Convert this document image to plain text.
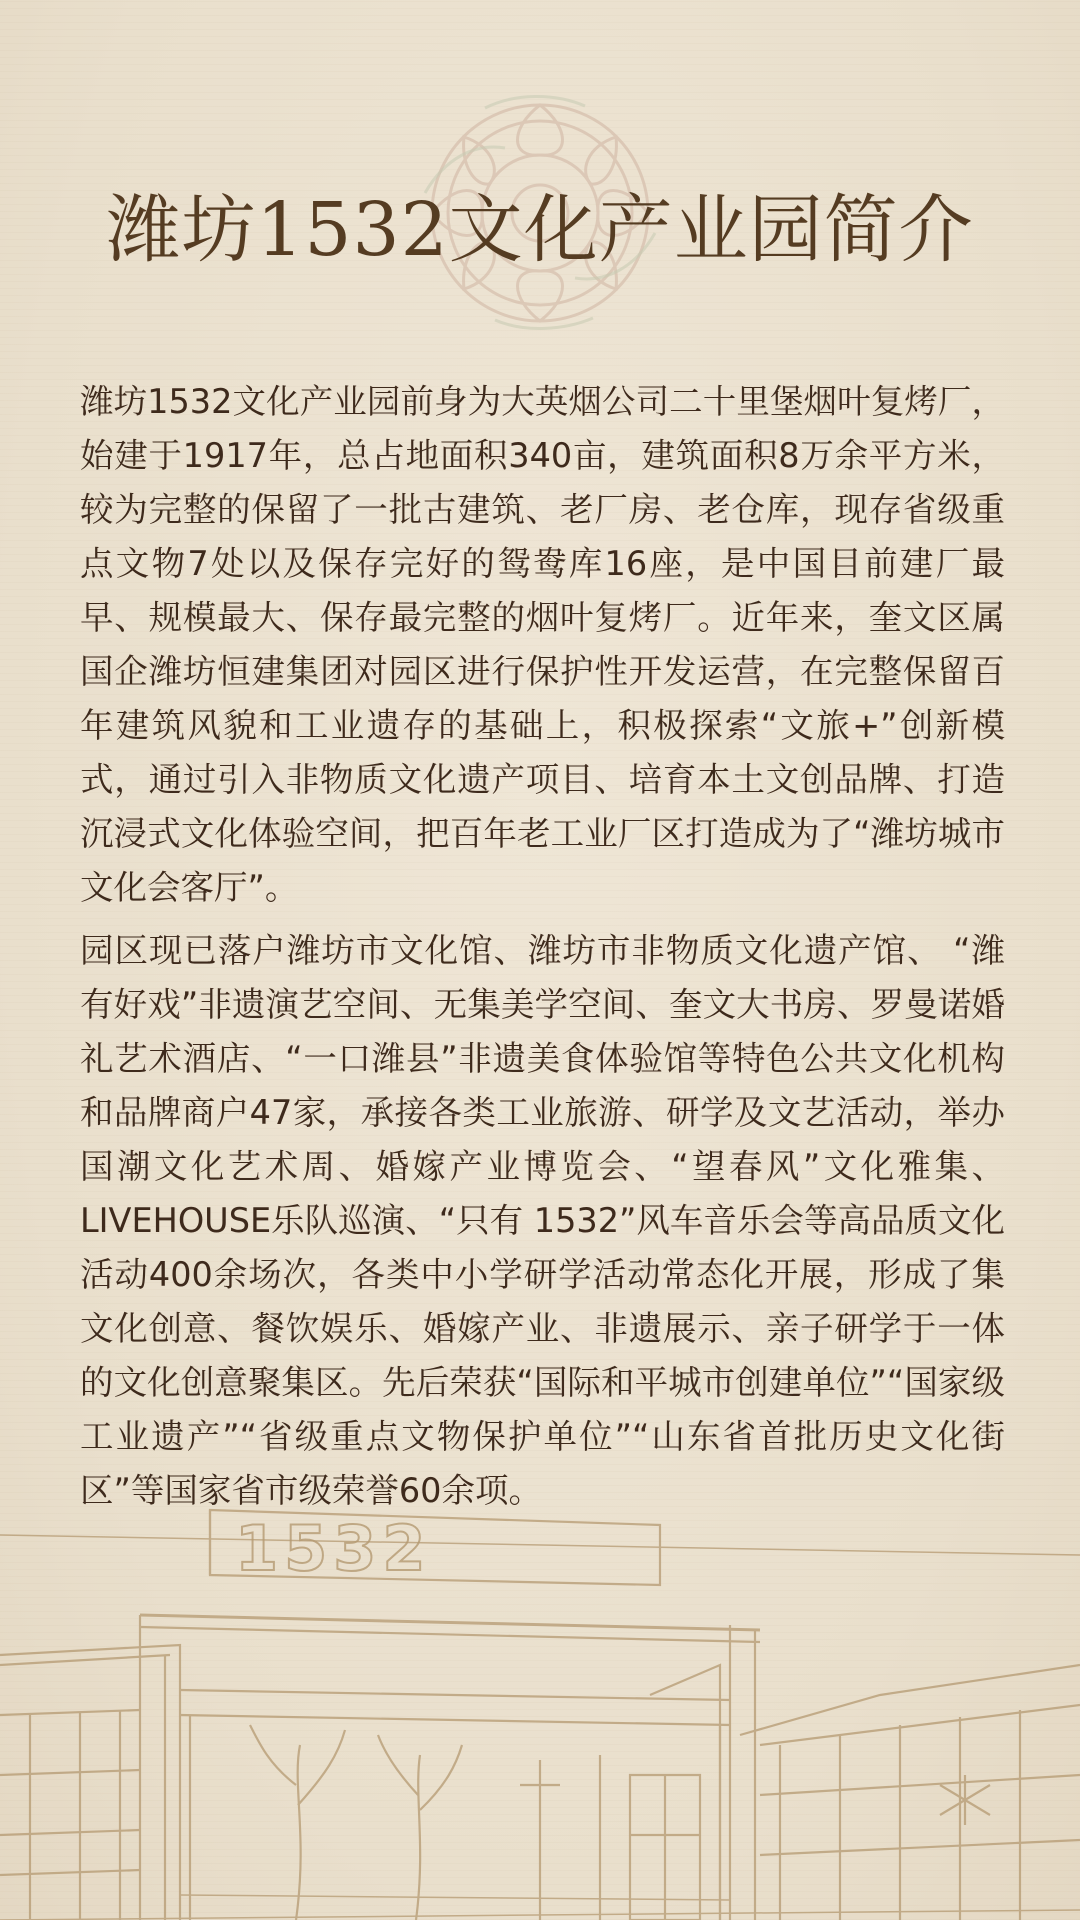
潍坊1532文化产业园简介

潍坊1532文化产业园前身为大英烟公司二十里堡烟叶复烤厂，始建于1917年，总占地面积340亩，建筑面积8万余平方米，较为完整的保留了一批古建筑、老厂房、老仓库，现存省级重点文物7处以及保存完好的鸳鸯库16座，是中国目前建厂最早、规模最大、保存最完整的烟叶复烤厂。近年来，奎文区属国企潍坊恒建集团对园区进行保护性开发运营，在完整保留百年建筑风貌和工业遗存的基础上，积极探索“文旅+”创新模式，通过引入非物质文化遗产项目、培育本土文创品牌、打造沉浸式文化体验空间，把百年老工业厂区打造成为了“潍坊城市文化会客厅”。

园区现已落户潍坊市文化馆、潍坊市非物质文化遗产馆、 “潍有好戏”非遗演艺空间、无集美学空间、奎文大书房、罗曼诺婚礼艺术酒店、“一口潍县”非遗美食体验馆等特色公共文化机构和品牌商户47家，承接各类工业旅游、研学及文艺活动，举办国潮文化艺术周、婚嫁产业博览会、“望春风”文化雅集、LIVEHOUSE乐队巡演、“只有 1532”风车音乐会等高品质文化活动400余场次，各类中小学研学活动常态化开展，形成了集文化创意、餐饮娱乐、婚嫁产业、非遗展示、亲子研学于一体的文化创意聚集区。先后荣获“国际和平城市创建单位”“国家级工业遗产”“省级重点文物保护单位”“山东省首批历史文化街区”等国家省市级荣誉60余项。

1532
